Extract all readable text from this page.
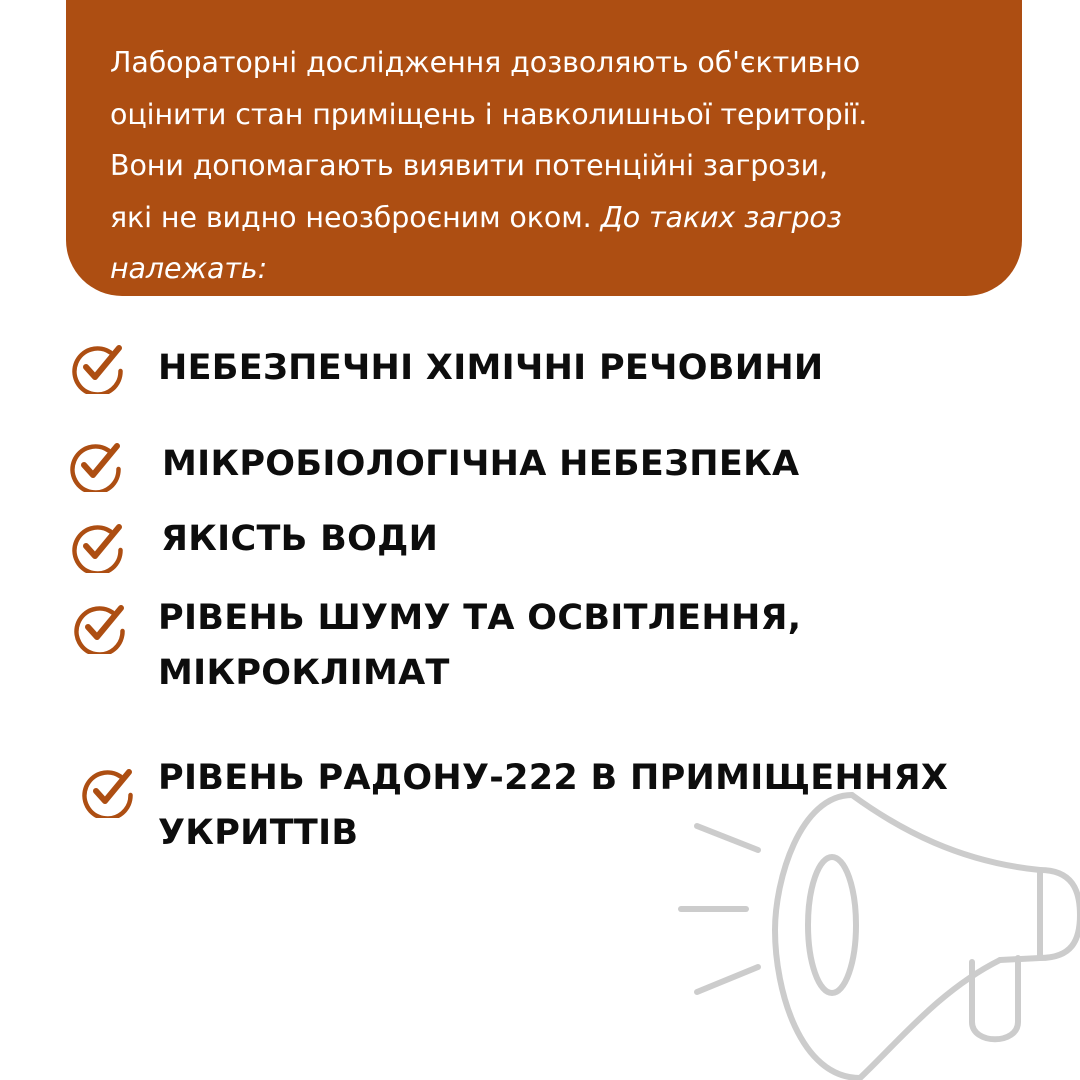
Лабораторні дослідження дозволяють об'єктивно
оцінити стан приміщень і навколишньої території.
Вони допомагають виявити потенційні загрози,
які не видно неозброєним оком. До таких загроз
належать:
НЕБЕЗПЕЧНІ ХІМІЧНІ РЕЧОВИНИ
МІКРОБІОЛОГІЧНА НЕБЕЗПЕКА
ЯКІСТЬ ВОДИ
РІВЕНЬ ШУМУ ТА ОСВІТЛЕННЯ,
МІКРОКЛІМАТ
РІВЕНЬ РАДОНУ-222 В ПРИМІЩЕННЯХ
УКРИТТІВ
